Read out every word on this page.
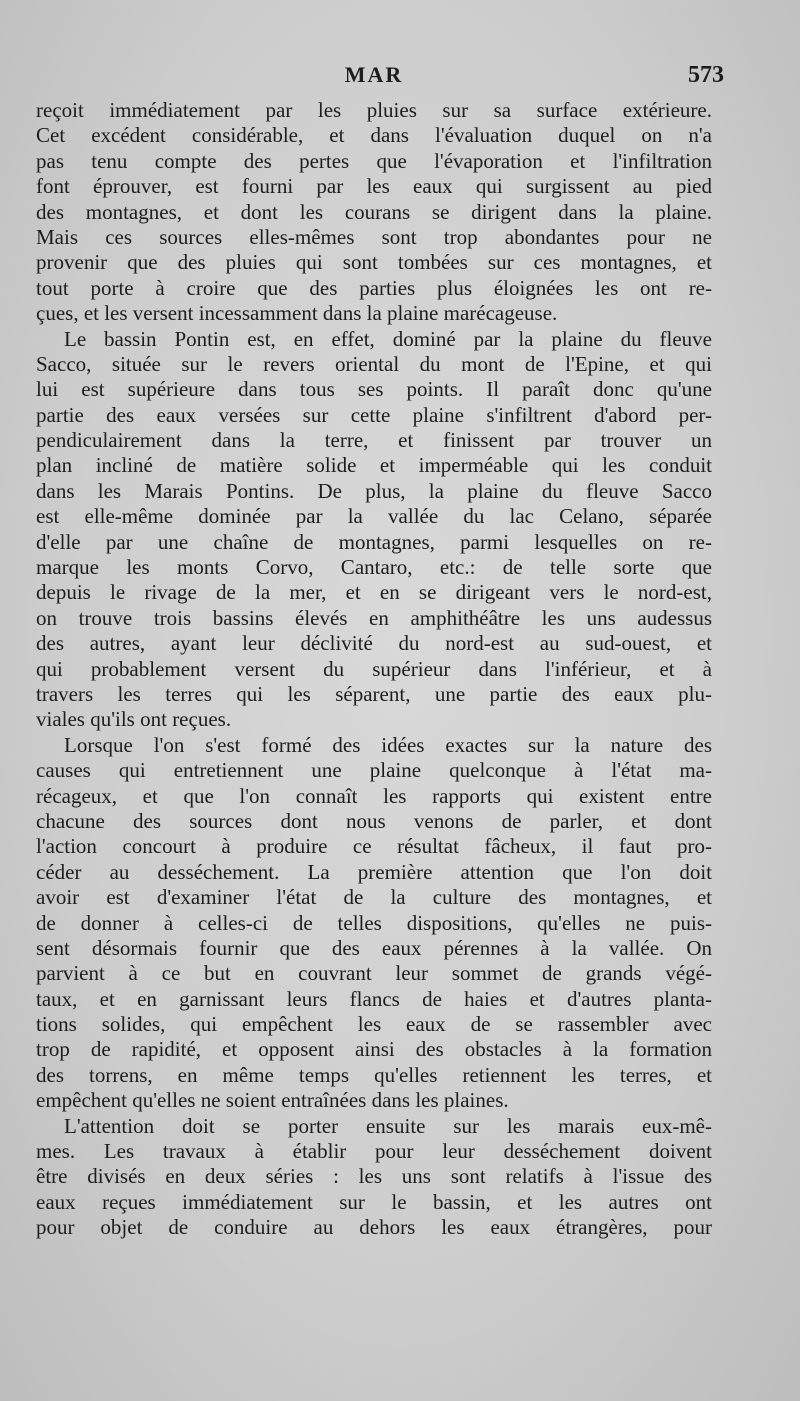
MAR	573
reçoit immédiatement par les pluies sur sa surface extérieure.
Cet excédent considérable, et dans l'évaluation duquel on n'a
pas tenu compte des pertes que l'évaporation et l'infiltration
font éprouver, est fourni par les eaux qui surgissent au pied
des montagnes, et dont les courans se dirigent dans la plaine.
Mais ces sources elles-mêmes sont trop abondantes pour ne
provenir que des pluies qui sont tombées sur ces montagnes, et
tout porte à croire que des parties plus éloignées les ont re-
çues, et les versent incessamment dans la plaine marécageuse.
Le bassin Pontin est, en effet, dominé par la plaine du fleuve
Sacco, située sur le revers oriental du mont de l'Epine, et qui
lui est supérieure dans tous ses points. Il paraît donc qu'une
partie des eaux versées sur cette plaine s'infiltrent d'abord per-
pendiculairement dans la terre, et finissent par trouver un
plan incliné de matière solide et imperméable qui les conduit
dans les Marais Pontins. De plus, la plaine du fleuve Sacco
est elle-même dominée par la vallée du lac Celano, séparée
d'elle par une chaîne de montagnes, parmi lesquelles on re-
marque les monts Corvo, Cantaro, etc.: de telle sorte que
depuis le rivage de la mer, et en se dirigeant vers le nord-est,
on trouve trois bassins élevés en amphithéâtre les uns audessus
des autres, ayant leur déclivité du nord-est au sud-ouest, et
qui probablement versent du supérieur dans l'inférieur, et à
travers les terres qui les séparent, une partie des eaux plu-
viales qu'ils ont reçues.
Lorsque l'on s'est formé des idées exactes sur la nature des
causes qui entretiennent une plaine quelconque à l'état ma-
récageux, et que l'on connaît les rapports qui existent entre
chacune des sources dont nous venons de parler, et dont
l'action concourt à produire ce résultat fâcheux, il faut pro-
céder au desséchement. La première attention que l'on doit
avoir est d'examiner l'état de la culture des montagnes, et
de donner à celles-ci de telles dispositions, qu'elles ne puis-
sent désormais fournir que des eaux pérennes à la vallée. On
parvient à ce but en couvrant leur sommet de grands végé-
taux, et en garnissant leurs flancs de haies et d'autres planta-
tions solides, qui empêchent les eaux de se rassembler avec
trop de rapidité, et opposent ainsi des obstacles à la formation
des torrens, en même temps qu'elles retiennent les terres, et
empêchent qu'elles ne soient entraînées dans les plaines.
L'attention doit se porter ensuite sur les marais eux-mê-
mes. Les travaux à établir pour leur desséchement doivent
être divisés en deux séries : les uns sont relatifs à l'issue des
eaux reçues immédiatement sur le bassin, et les autres ont
pour objet de conduire au dehors les eaux étrangères, pour
